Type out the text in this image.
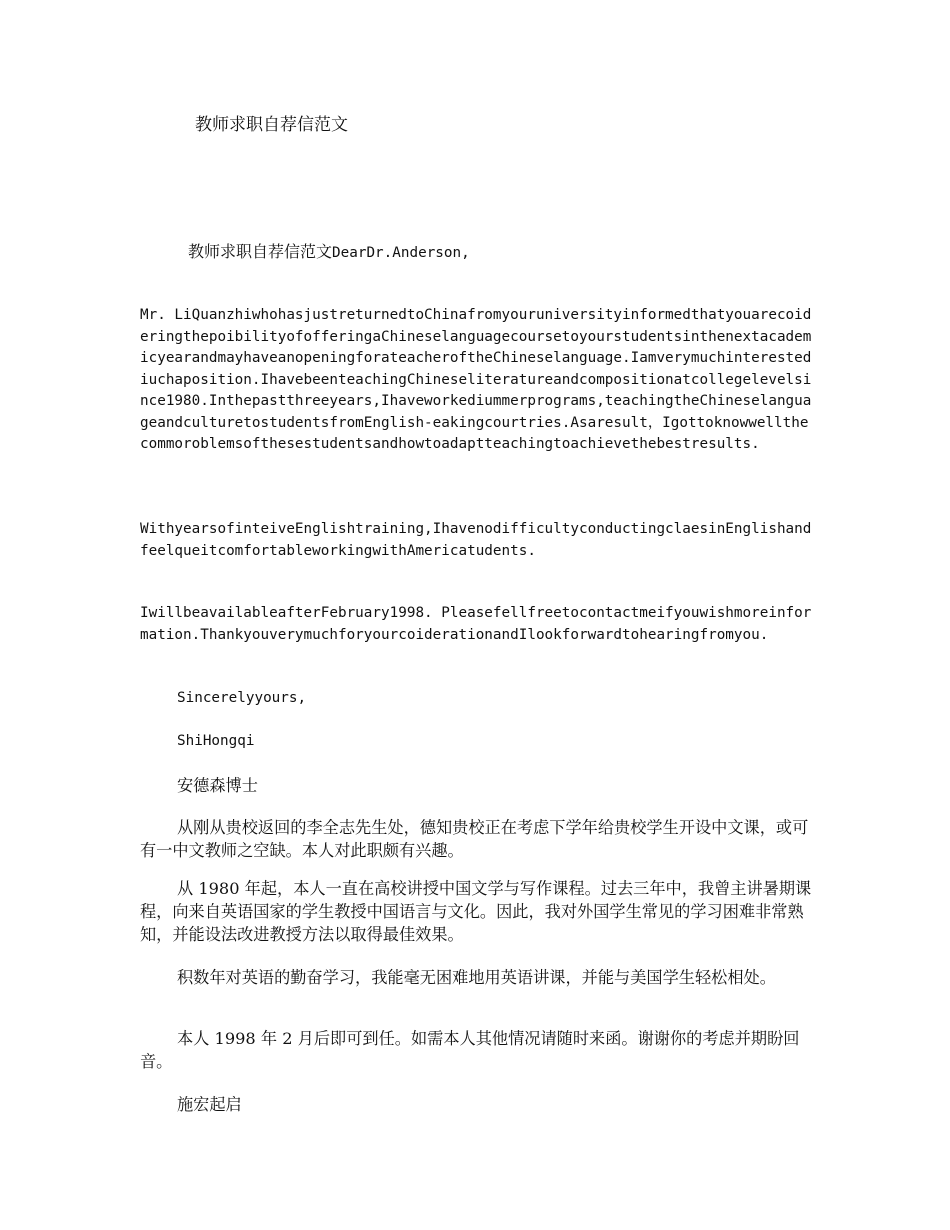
教师求职自荐信范文
教师求职自荐信范文DearDr.Anderson,

Mr. LiQuanzhiwhohasjustreturnedtoChinafromyouruniversityinformedthatyouarecoideringthepoibilityofofferingaChineselanguagecoursetoyourstudentsinthenextacademicyearandmayhaveanopeningforateacheroftheChineselanguage.Iamverymuchinterestediuchaposition.IhavebeenteachingChineseliteratureandcompositionatcollegelevelsince1980.Inthepastthreeyears,Ihaveworkediummerprograms,teachingtheChineselanguageandculturetostudentsfromEnglish-eakingcourtries.Asaresult，Igottoknowwellthecommoroblemsofthesestudentsandhowtoadaptteachingtoachievethebestresults.

WithyearsofinteiveEnglishtraining,IhavenodifficultyconductingclaesinEnglishandfeelqueitcomfortableworkingwithAmericatudents.

IwillbeavailableafterFebruary1998. Pleasefellfreetocontactmeifyouwishmoreinformation.ThankyouverymuchforyourcoiderationandIlookforwardtohearingfromyou.

Sincerelyyours,

ShiHongqi

安德森博士

从刚从贵校返回的李全志先生处，德知贵校正在考虑下学年给贵校学生开设中文课，或可有一中文教师之空缺。本人对此职颇有兴趣。

从 1980 年起，本人一直在高校讲授中国文学与写作课程。过去三年中，我曾主讲暑期课程，向来自英语国家的学生教授中国语言与文化。因此，我对外国学生常见的学习困难非常熟知，并能设法改进教授方法以取得最佳效果。

积数年对英语的勤奋学习，我能毫无困难地用英语讲课，并能与美国学生轻松相处。

本人 1998 年 2 月后即可到任。如需本人其他情况请随时来函。谢谢你的考虑并期盼回音。

施宏起启
